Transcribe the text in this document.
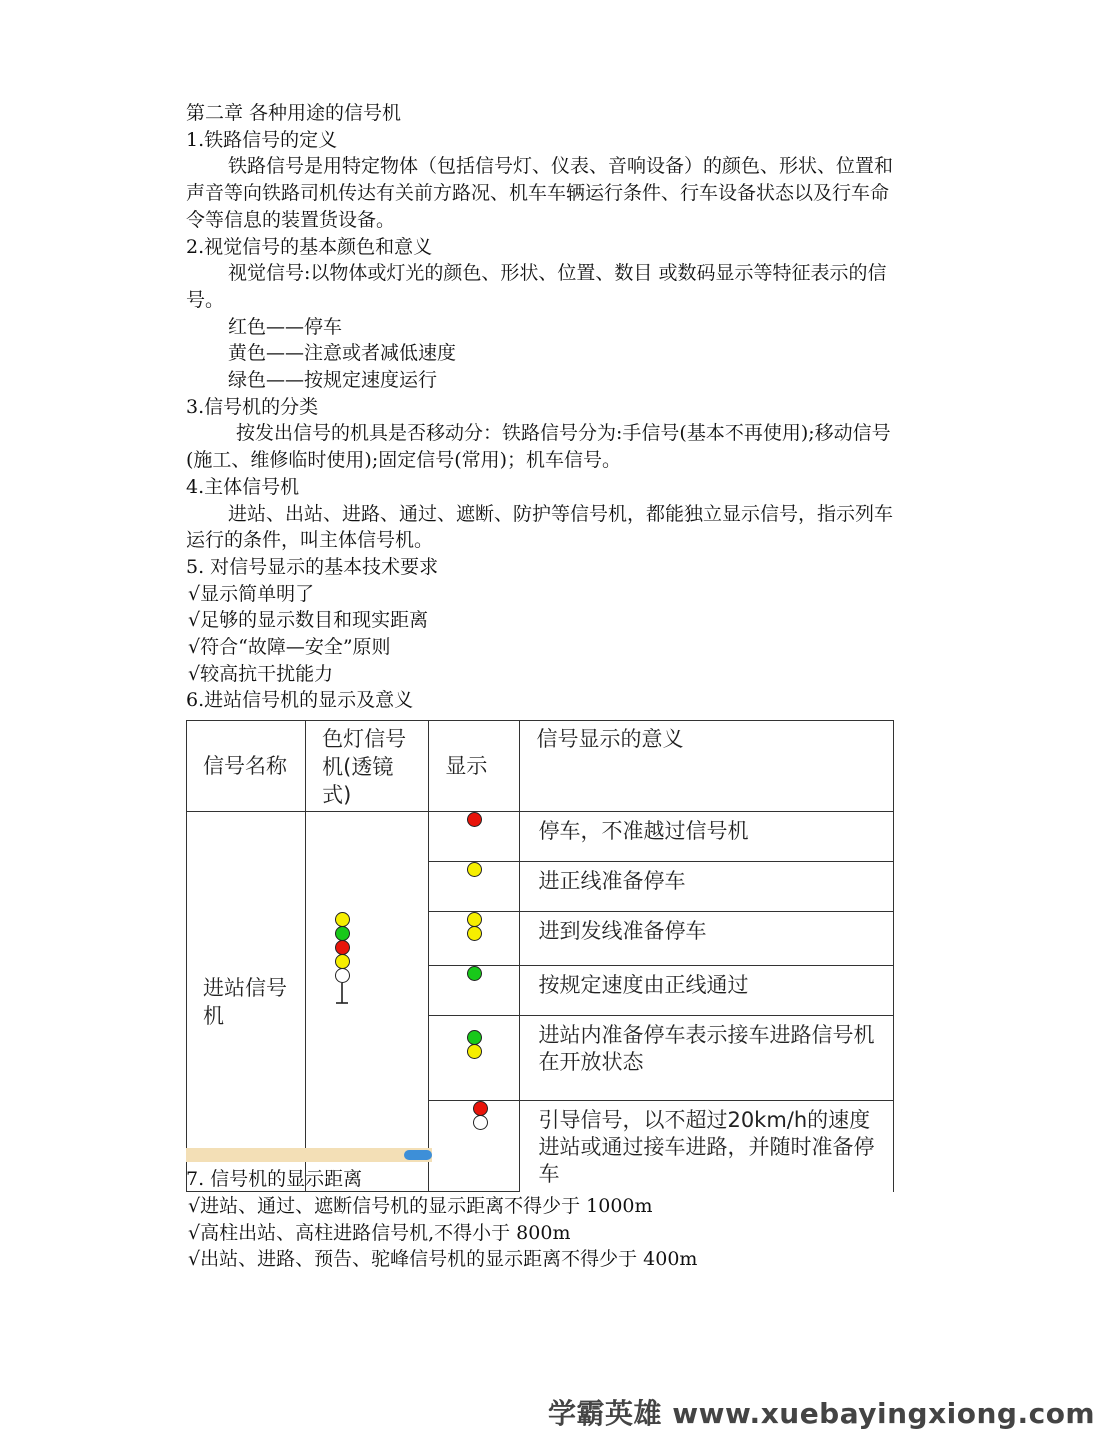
第二章 各种用途的信号机
1.铁路信号的定义
铁路信号是用特定物体（包括信号灯、仪表、音响设备）的颜色、形状、位置和声音等向铁路司机传达有关前方路况、机车车辆运行条件、行车设备状态以及行车命令等信息的装置货设备。
2.视觉信号的基本颜色和意义
视觉信号:以物体或灯光的颜色、形状、位置、数目 或数码显示等特征表示的信号。
红色——停车
黄色——注意或者减低速度
绿色——按规定速度运行
3.信号机的分类
按发出信号的机具是否移动分：铁路信号分为:手信号(基本不再使用);移动信号(施工、维修临时使用);固定信号(常用)；机车信号。
4.主体信号机
进站、出站、进路、通过、遮断、防护等信号机，都能独立显示信号，指示列车运行的条件，叫主体信号机。
5. 对信号显示的基本技术要求
√显示简单明了
√足够的显示数目和现实距离
√符合“故障—安全”原则
√较高抗干扰能力
6.进站信号机的显示及意义
信号名称	色灯信号机(透镜式)	显示	信号显示的意义

进站信号机			停车，不准越过信号机

			进正线准备停车

			进到发线准备停车

			按规定速度由正线通过

			进站内准备停车表示接车进路信号机在开放状态

			引导信号，以不超过20km/h的速度进站或通过接车进路，并随时准备停车
7. 信号机的显示距离
√进站、通过、遮断信号机的显示距离不得少于 1000m
√高柱出站、高柱进路信号机,不得小于 800m
√出站、进路、预告、驼峰信号机的显示距离不得少于 400m
学霸英雄 www.xuebayingxiong.com
